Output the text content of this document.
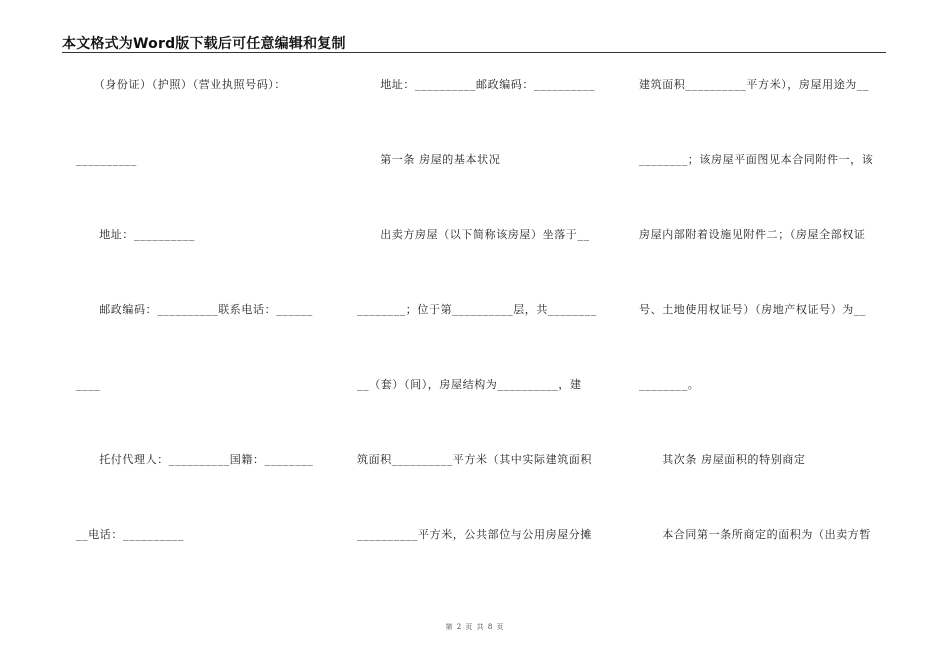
本文格式为Word版下载后可任意编辑和复制
　　（身份证）（护照）（营业执照号码）：
__________
　　地址：__________
　　邮政编码：__________联系电话：______
____
　　托付代理人：__________国籍：________
__电话：__________
　　地址：__________邮政编码：__________
　　第一条 房屋的基本状况
　　出卖方房屋（以下简称该房屋）坐落于__
________；位于第__________层，共________
__（套）（间），房屋结构为__________，建
筑面积__________平方米（其中实际建筑面积
__________平方米，公共部位与公用房屋分摊
建筑面积__________平方米），房屋用途为__
________；该房屋平面图见本合同附件一，该
房屋内部附着设施见附件二；（房屋全部权证
号、土地使用权证号）（房地产权证号）为__
________。
　　其次条 房屋面积的特别商定
　　本合同第一条所商定的面积为（出卖方暂
第 2 页 共 8 页
